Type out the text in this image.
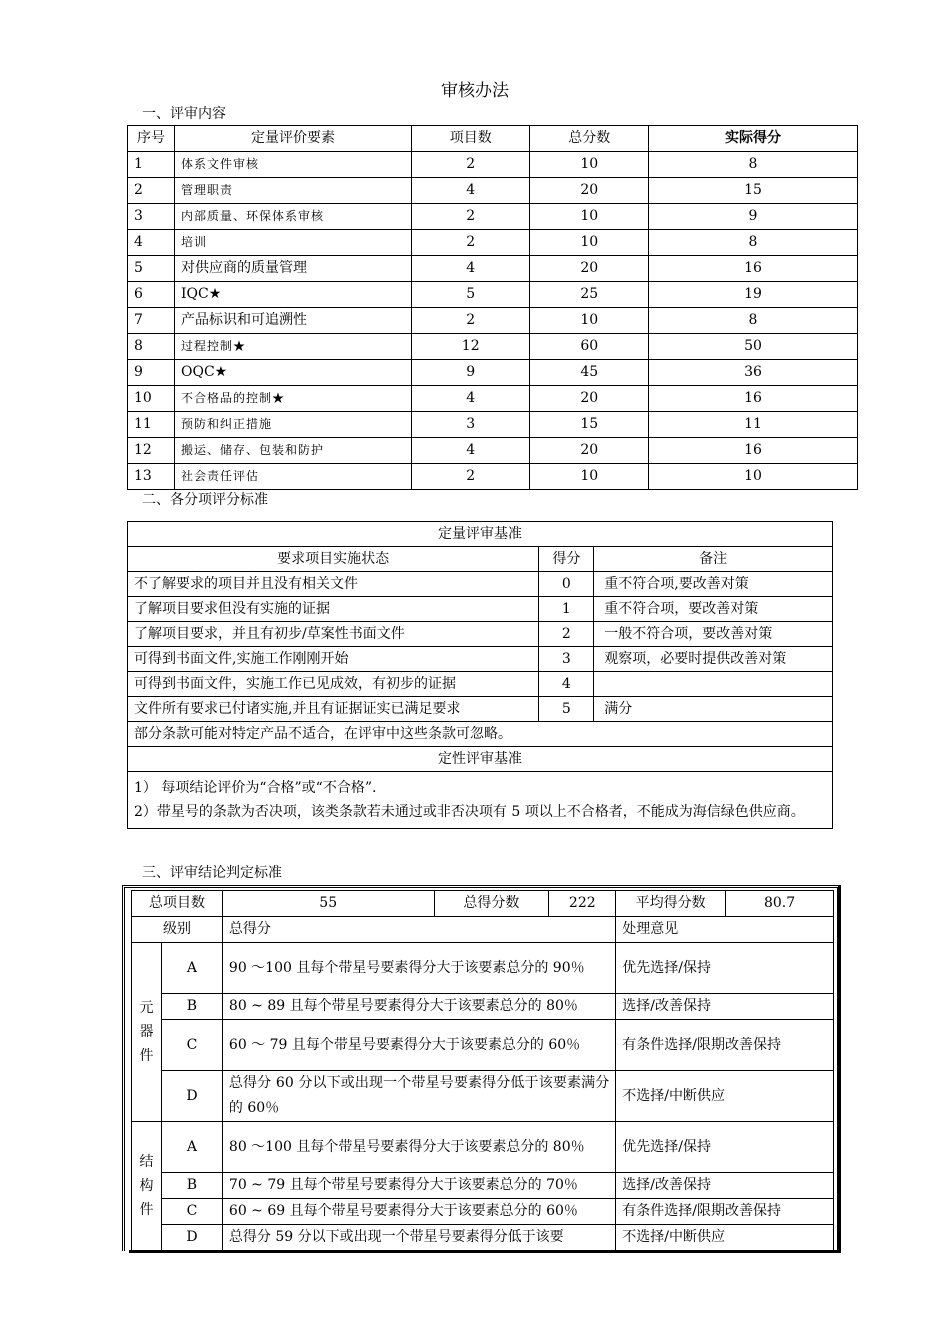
审核办法
一、评审内容
序号	定量评价要素	项目数	总分数	实际得分
1	体系文件审核	2	10	8
2	管理职责	4	20	15
3	内部质量、环保体系审核	2	10	9
4	培训	2	10	8
5	对供应商的质量管理	4	20	16
6	IQC★	5	25	19
7	产品标识和可追溯性	2	10	8
8	过程控制★	12	60	50
9	OQC★	9	45	36
10	不合格品的控制★	4	20	16
11	预防和纠正措施	3	15	11
12	搬运、储存、包装和防护	4	20	16
13	社会责任评估	2	10	10
二、各分项评分标准
定量评审基准		
要求项目实施状态	得分	备注
不了解要求的项目并且没有相关文件	0	重不符合项,要改善对策
了解项目要求但没有实施的证据	1	重不符合项，要改善对策
了解项目要求，并且有初步/草案性书面文件	2	一般不符合项，要改善对策
可得到书面文件,实施工作刚刚开始	3	观察项，必要时提供改善对策
可得到书面文件，实施工作已见成效，有初步的证据	4	
文件所有要求已付诸实施,并且有证据证实已满足要求	5	满分
部分条款可能对特定产品不适合，在评审中这些条款可忽略。		
定性评审基准		

1） 每项结论评价为“合格”或“不合格”.
2）带星号的条款为否决项，该类条款若未通过或非否决项有 5 项以上不合格者，不能成为海信绿色供应商。		
三、评审结论判定标准
总项目数		55	总得分数	222	平均得分数	80.7
级别		总得分			处理意见	

元器件	A	90 ～100 且每个带星号要素得分大于该要素总分的 90％			优先选择/保持	
	B	80 ~ 89 且每个带星号要素得分大于该要素总分的 80％			选择/改善保持	
	C	60 ～ 79 且每个带星号要素得分大于该要素总分的 60％			有条件选择/限期改善保持	
	D	总得分 60 分以下或出现一个带星号要素得分低于该要素满分的 60％			不选择/中断供应	

结构件	A	80 ～100 且每个带星号要素得分大于该要素总分的 80％			优先选择/保持	
	B	70 ~ 79 且每个带星号要素得分大于该要素总分的 70％			选择/改善保持	
	C	60 ~ 69 且每个带星号要素得分大于该要素总分的 60％			有条件选择/限期改善保持	
	D	总得分 59 分以下或出现一个带星号要素得分低于该要			不选择/中断供应	
